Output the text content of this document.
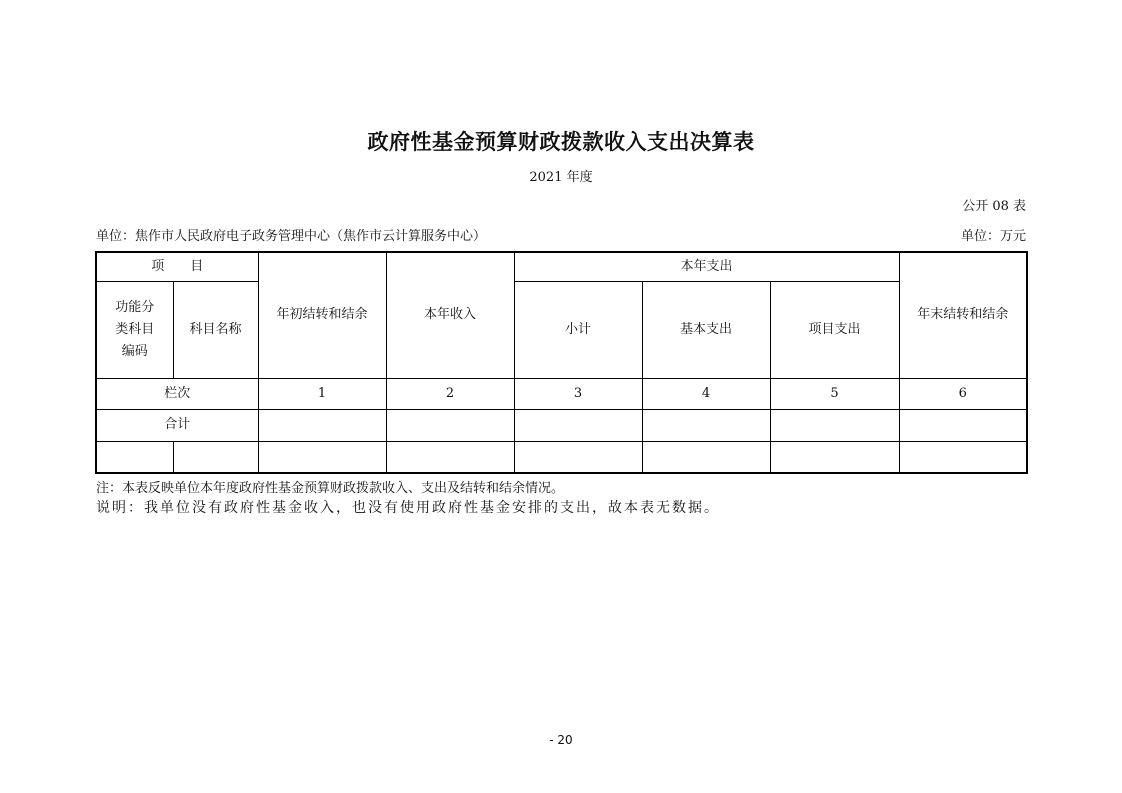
政府性基金预算财政拨款收入支出决算表
2021 年度
公开 08 表
单位：焦作市人民政府电子政务管理中心（焦作市云计算服务中心）	单位：万元
项　　目		年初结转和结余	本年收入	本年支出			年末结转和结余
功能分类科目编码	科目名称			小计	基本支出	项目支出	
栏次		1	2	3	4	5	6
合计							

注：本表反映单位本年度政府性基金预算财政拨款收入、支出及结转和结余情况。
说明：我单位没有政府性基金收入，也没有使用政府性基金安排的支出，故本表无数据。
- 20
